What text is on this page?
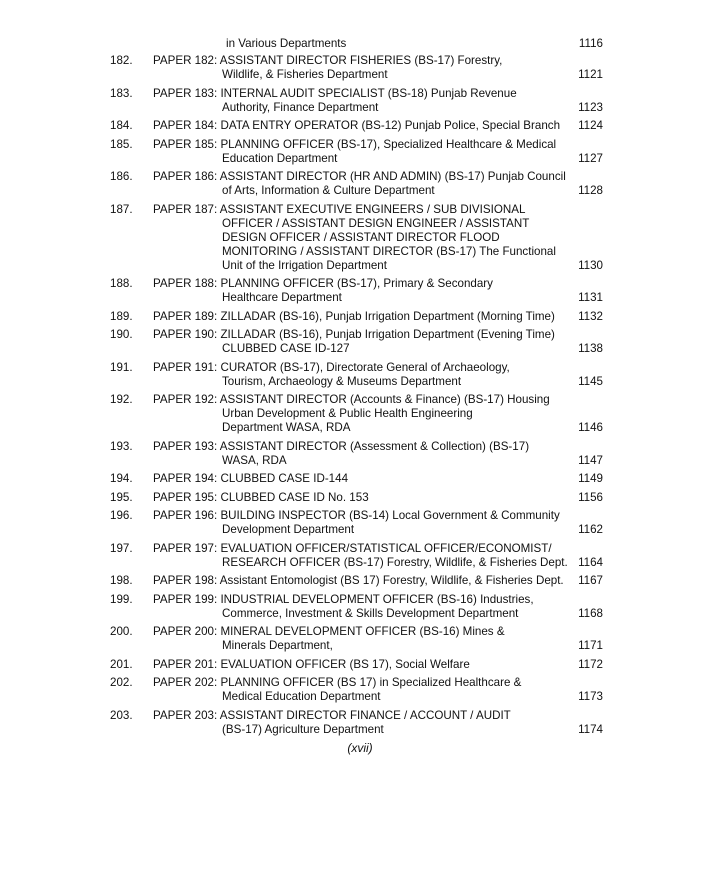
in Various Departments	1116
182. PAPER 182: ASSISTANT DIRECTOR FISHERIES (BS-17) Forestry,
Wildlife, & Fisheries Department	1121
183. PAPER 183: INTERNAL AUDIT SPECIALIST (BS-18) Punjab Revenue
Authority, Finance Department	1123
184. PAPER 184: DATA ENTRY OPERATOR (BS-12) Punjab Police, Special Branch	1124
185. PAPER 185: PLANNING OFFICER (BS-17), Specialized Healthcare & Medical
Education Department	1127
186. PAPER 186: ASSISTANT DIRECTOR (HR AND ADMIN) (BS-17) Punjab Council
of Arts, Information & Culture Department	1128
187. PAPER 187: ASSISTANT EXECUTIVE ENGINEERS / SUB DIVISIONAL
OFFICER / ASSISTANT DESIGN ENGINEER / ASSISTANT
DESIGN OFFICER / ASSISTANT DIRECTOR FLOOD
MONITORING / ASSISTANT DIRECTOR (BS-17) The Functional
Unit of the Irrigation Department	1130
188. PAPER 188: PLANNING OFFICER (BS-17), Primary & Secondary
Healthcare Department	1131
189. PAPER 189: ZILLADAR (BS-16), Punjab Irrigation Department (Morning Time)	1132
190. PAPER 190: ZILLADAR (BS-16), Punjab Irrigation Department (Evening Time)
CLUBBED CASE ID-127	1138
191. PAPER 191: CURATOR (BS-17), Directorate General of Archaeology,
Tourism, Archaeology & Museums Department	1145
192. PAPER 192: ASSISTANT DIRECTOR (Accounts & Finance) (BS-17) Housing
Urban Development & Public Health Engineering
Department WASA, RDA	1146
193. PAPER 193: ASSISTANT DIRECTOR (Assessment & Collection) (BS-17)
WASA, RDA	1147
194. PAPER 194: CLUBBED CASE ID-144	1149
195. PAPER 195: CLUBBED CASE ID No. 153	1156
196. PAPER 196: BUILDING INSPECTOR (BS-14) Local Government & Community
Development Department	1162
197. PAPER 197: EVALUATION OFFICER/STATISTICAL OFFICER/ECONOMIST/
RESEARCH OFFICER (BS-17) Forestry, Wildlife, & Fisheries Dept. 1164
198. PAPER 198: Assistant Entomologist (BS 17) Forestry, Wildlife, & Fisheries Dept.	1167
199. PAPER 199: INDUSTRIAL DEVELOPMENT OFFICER (BS-16) Industries,
Commerce, Investment & Skills Development Department	1168
200. PAPER 200: MINERAL DEVELOPMENT OFFICER (BS-16) Mines &
Minerals Department,	1171
201. PAPER 201: EVALUATION OFFICER (BS 17), Social Welfare	1172
202. PAPER 202: PLANNING OFFICER (BS 17) in Specialized Healthcare &
Medical Education Department	1173
203. PAPER 203: ASSISTANT DIRECTOR FINANCE / ACCOUNT / AUDIT
(BS-17) Agriculture Department	1174
(xvii)
